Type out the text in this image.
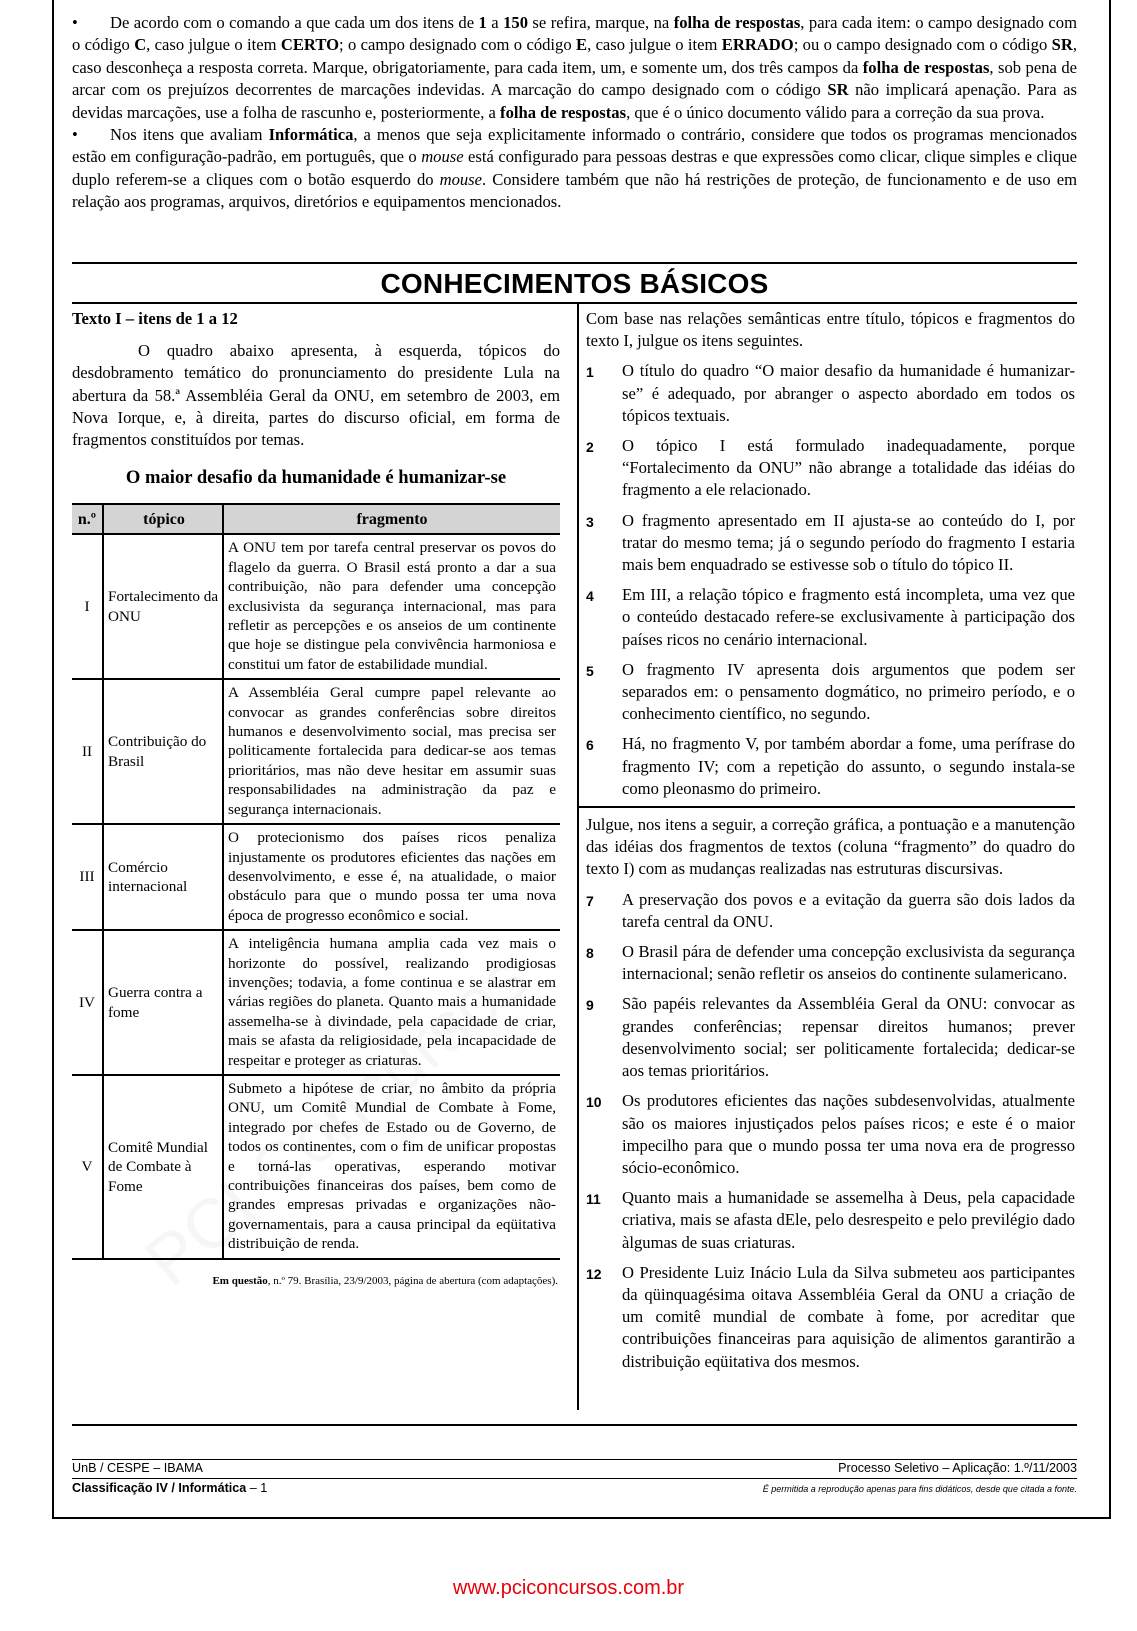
• De acordo com o comando a que cada um dos itens de 1 a 150 se refira, marque, na folha de respostas, para cada item: o campo designado com o código C, caso julgue o item CERTO; o campo designado com o código E, caso julgue o item ERRADO; ou o campo designado com o código SR, caso desconheça a resposta correta. Marque, obrigatoriamente, para cada item, um, e somente um, dos três campos da folha de respostas, sob pena de arcar com os prejuízos decorrentes de marcações indevidas. A marcação do campo designado com o código SR não implicará apenação. Para as devidas marcações, use a folha de rascunho e, posteriormente, a folha de respostas, que é o único documento válido para a correção da sua prova.

• Nos itens que avaliam Informática, a menos que seja explicitamente informado o contrário, considere que todos os programas mencionados estão em configuração-padrão, em português, que o mouse está configurado para pessoas destras e que expressões como clicar, clique simples e clique duplo referem-se a cliques com o botão esquerdo do mouse. Considere também que não há restrições de proteção, de funcionamento e de uso em relação aos programas, arquivos, diretórios e equipamentos mencionados.

CONHECIMENTOS BÁSICOS
Texto I – itens de 1 a 12

O quadro abaixo apresenta, à esquerda, tópicos do desdobramento temático do pronunciamento do presidente Lula na abertura da 58.ª Assembléia Geral da ONU, em setembro de 2003, em Nova Iorque, e, à direita, partes do discurso oficial, em forma de fragmentos constituídos por temas.

O maior desafio da humanidade é humanizar-se

n.º	tópico	fragmento
I	Fortalecimento da ONU	A ONU tem por tarefa central preservar os povos do flagelo da guerra. O Brasil está pronto a dar a sua contribuição, não para defender uma concepção exclusivista da segurança internacional, mas para refletir as percepções e os anseios de um continente que hoje se distingue pela convivência harmoniosa e constitui um fator de estabilidade mundial.
II	Contribuição do Brasil	A Assembléia Geral cumpre papel relevante ao convocar as grandes conferências sobre direitos humanos e desenvolvimento social, mas precisa ser politicamente fortalecida para dedicar-se aos temas prioritários, mas não deve hesitar em assumir suas responsabilidades na administração da paz e segurança internacionais.
III	Comércio internacional	O protecionismo dos países ricos penaliza injustamente os produtores eficientes das nações em desenvolvimento, e esse é, na atualidade, o maior obstáculo para que o mundo possa ter uma nova época de progresso econômico e social.
IV	Guerra contra a fome	A inteligência humana amplia cada vez mais o horizonte do possível, realizando prodigiosas invenções; todavia, a fome continua e se alastrar em várias regiões do planeta. Quanto mais a humanidade assemelha-se à divindade, pela capacidade de criar, mais se afasta da religiosidade, pela incapacidade de respeitar e proteger as criaturas.
V	Comitê Mundial de Combate à Fome	Submeto a hipótese de criar, no âmbito da própria ONU, um Comitê Mundial de Combate à Fome, integrado por chefes de Estado ou de Governo, de todos os continentes, com o fim de unificar propostas e torná-las operativas, esperando motivar contribuições financeiras dos países, bem como de grandes empresas privadas e organizações não-governamentais, para a causa principal da eqüitativa distribuição de renda.
Em questão, n.º 79. Brasília, 23/9/2003, página de abertura (com adaptações).

Com base nas relações semânticas entre título, tópicos e fragmentos do texto I, julgue os itens seguintes.

1	O título do quadro “O maior desafio da humanidade é humanizar-se” é adequado, por abranger o aspecto abordado em todos os tópicos textuais.
2	O tópico I está formulado inadequadamente, porque “Fortalecimento da ONU” não abrange a totalidade das idéias do fragmento a ele relacionado.
3	O fragmento apresentado em II ajusta-se ao conteúdo do I, por tratar do mesmo tema; já o segundo período do fragmento I estaria mais bem enquadrado se estivesse sob o título do tópico II.
4	Em III, a relação tópico e fragmento está incompleta, uma vez que o conteúdo destacado refere-se exclusivamente à participação dos países ricos no cenário internacional.
5	O fragmento IV apresenta dois argumentos que podem ser separados em: o pensamento dogmático, no primeiro período, e o conhecimento científico, no segundo.
6	Há, no fragmento V, por também abordar a fome, uma perífrase do fragmento IV; com a repetição do assunto, o segundo instala-se como pleonasmo do primeiro.

Julgue, nos itens a seguir, a correção gráfica, a pontuação e a manutenção das idéias dos fragmentos de textos (coluna “fragmento” do quadro do texto I) com as mudanças realizadas nas estruturas discursivas.

7	A preservação dos povos e a evitação da guerra são dois lados da tarefa central da ONU.
8	O Brasil pára de defender uma concepção exclusivista da segurança internacional; senão refletir os anseios do continente sulamericano.
9	São papéis relevantes da Assembléia Geral da ONU: convocar as grandes conferências; repensar direitos humanos; prever desenvolvimento social; ser politicamente fortalecida; dedicar-se aos temas prioritários.
10	Os produtores eficientes das nações subdesenvolvidas, atualmente são os maiores injustiçados pelos países ricos; e este é o maior impecilho para que o mundo possa ter uma nova era de progresso sócio-econômico.
11	Quanto mais a humanidade se assemelha à Deus, pela capacidade criativa, mais se afasta dEle, pelo desrespeito e pelo previlégio dado àlgumas de suas criaturas.
12	O Presidente Luiz Inácio Lula da Silva submeteu aos participantes da qüinquagésima oitava Assembléia Geral da ONU a criação de um comitê mundial de combate à fome, por acreditar que contribuições financeiras para aquisição de alimentos garantirão a distribuição eqüitativa dos mesmos.
UnB / CESPE – IBAMA	Processo Seletivo – Aplicação: 1.º/11/2003
Classificação IV / Informática – 1	É permitida a reprodução apenas para fins didáticos, desde que citada a fonte.
www.pciconcursos.com.br
